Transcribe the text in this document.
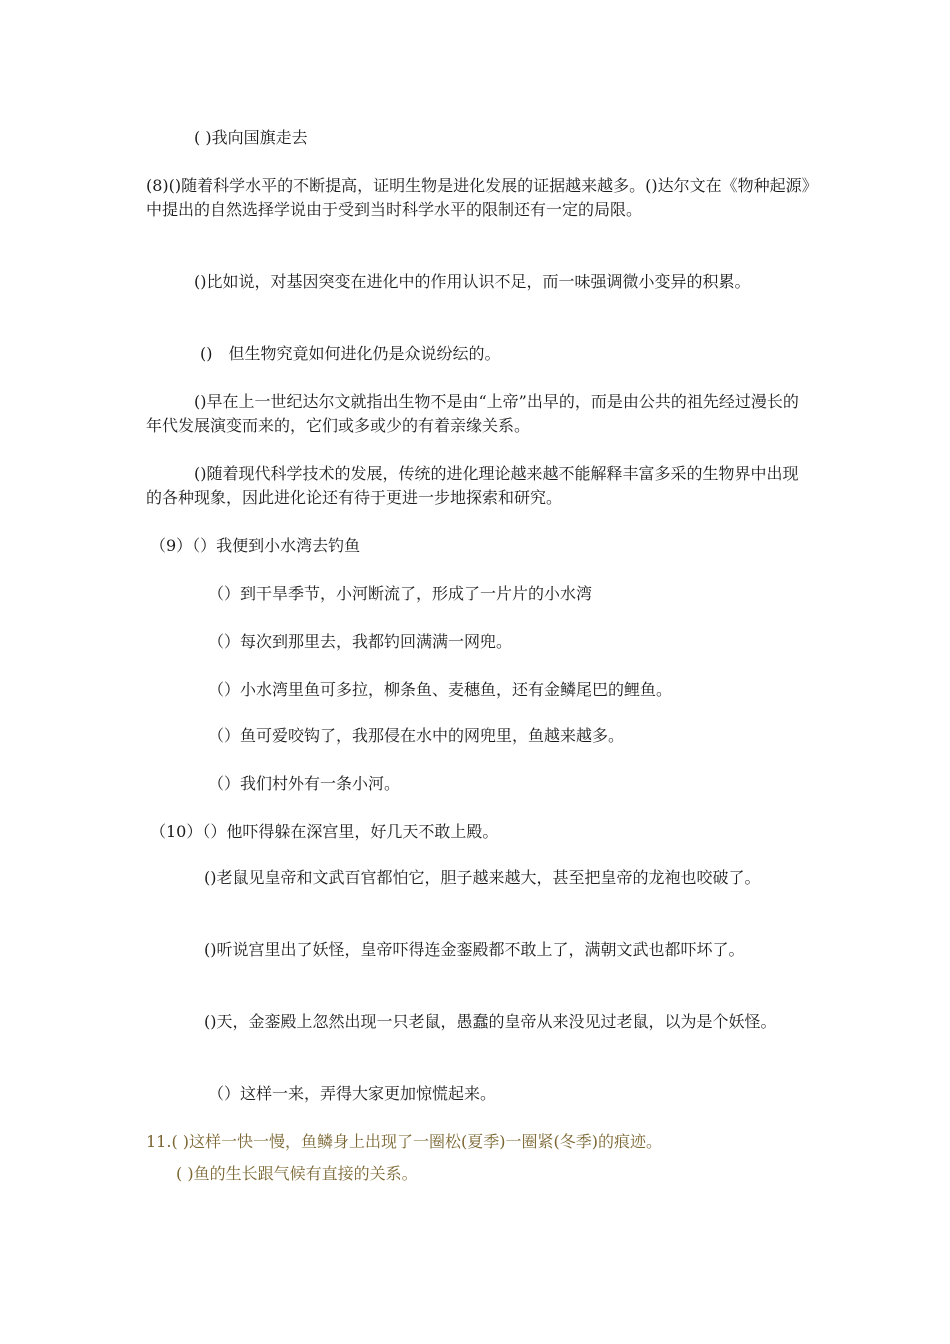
( )我向国旗走去

(8)()随着科学水平的不断提高，证明生物是进化发展的证据越来越多。()达尔文在《物种起源》中提出的自然选择学说由于受到当时科学水平的限制还有一定的局限。

()比如说，对基因突变在进化中的作用认识不足，而一味强调微小变异的积累。

()　但生物究竟如何进化仍是众说纷纭的。

()早在上一世纪达尔文就指出生物不是由“上帝”出早的，而是由公共的祖先经过漫长的年代发展演变而来的，它们或多或少的有着亲缘关系。

()随着现代科学技术的发展，传统的进化理论越来越不能解释丰富多采的生物界中出现的各种现象，因此进化论还有待于更进一步地探索和研究。

（9）（）我便到小水湾去钓鱼

（）到干旱季节，小河断流了，形成了一片片的小水湾

（）每次到那里去，我都钓回满满一网兜。

（）小水湾里鱼可多拉，柳条鱼、麦穗鱼，还有金鳞尾巴的鲤鱼。

（）鱼可爱咬钩了，我那侵在水中的网兜里，鱼越来越多。

（）我们村外有一条小河。

（10）（）他吓得躲在深宫里，好几天不敢上殿。

()老鼠见皇帝和文武百官都怕它，胆子越来越大，甚至把皇帝的龙袍也咬破了。

()听说宫里出了妖怪，皇帝吓得连金銮殿都不敢上了，满朝文武也都吓坏了。

()天，金銮殿上忽然出现一只老鼠，愚蠢的皇帝从来没见过老鼠，以为是个妖怪。

（）这样一来，弄得大家更加惊慌起来。

11.( )这样一快一慢，鱼鳞身上出现了一圈松(夏季)一圈紧(冬季)的痕迹。

( )鱼的生长跟气候有直接的关系。
